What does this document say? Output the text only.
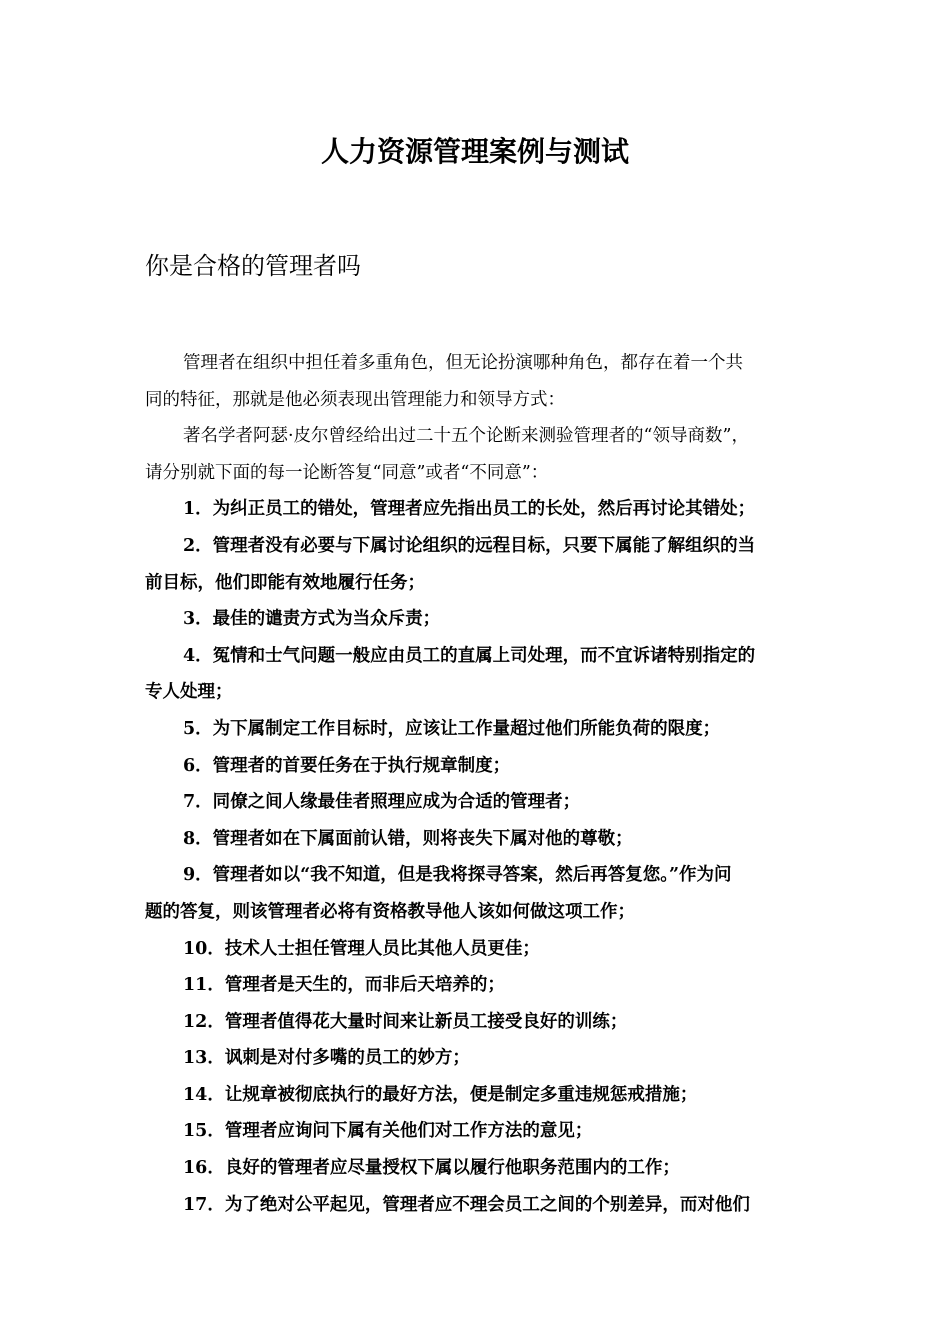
人力资源管理案例与测试
你是合格的管理者吗
管理者在组织中担任着多重角色，但无论扮演哪种角色，都存在着一个共
同的特征，那就是他必须表现出管理能力和领导方式：
著名学者阿瑟·皮尔曾经给出过二十五个论断来测验管理者的“领导商数”，
请分别就下面的每一论断答复“同意”或者“不同意”：
1．为纠正员工的错处，管理者应先指出员工的长处，然后再讨论其错处；
2．管理者没有必要与下属讨论组织的远程目标，只要下属能了解组织的当
前目标，他们即能有效地履行任务；
3．最佳的谴责方式为当众斥责；
4．冤情和士气问题一般应由员工的直属上司处理，而不宜诉诸特别指定的
专人处理；
5．为下属制定工作目标时，应该让工作量超过他们所能负荷的限度；
6．管理者的首要任务在于执行规章制度；
7．同僚之间人缘最佳者照理应成为合适的管理者；
8．管理者如在下属面前认错，则将丧失下属对他的尊敬；
9．管理者如以“我不知道，但是我将探寻答案，然后再答复您。”作为问
题的答复，则该管理者必将有资格教导他人该如何做这项工作；
10．技术人士担任管理人员比其他人员更佳；
11．管理者是天生的，而非后天培养的；
12．管理者值得花大量时间来让新员工接受良好的训练；
13．讽刺是对付多嘴的员工的妙方；
14．让规章被彻底执行的最好方法，便是制定多重违规惩戒措施；
15．管理者应询问下属有关他们对工作方法的意见；
16．良好的管理者应尽量授权下属以履行他职务范围内的工作；
17．为了绝对公平起见，管理者应不理会员工之间的个别差异，而对他们
